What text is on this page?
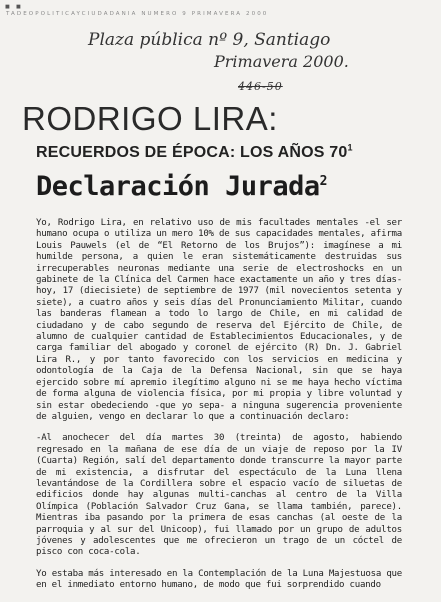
■ ■
TADEOPOLITICAYCIUDADANÍA NÚMERO 9 PRIMAVERA 2000
Plaza pública nº 9, Santiago
Primavera 2000.
446-50
RODRIGO LIRA:
RECUERDOS DE ÉPOCA: LOS AÑOS $70^1$
Declaración Jurada$^2$

Yo, Rodrigo Lira, en relativo uso de mis facultades mentales -el ser humano ocupa o utiliza un mero 10% de sus capacidades mentales, afirma Louis Pauwels (el de “El Retorno de los Brujos”): imagínese a mi humilde persona, a quien le eran sistemáticamente destruidas sus irrecuperables neuronas mediante una serie de electroshocks en un gabinete de la Clínica del Carmen hace exactamente un año y tres días-hoy, 17 (diecisiete) de septiembre de 1977 (mil novecientos setenta y siete), a cuatro años y seis días del Pronunciamiento Militar, cuando las banderas flamean a todo lo largo de Chile, en mi calidad de ciudadano y de cabo segundo de reserva del Ejército de Chile, de alumno de cualquier cantidad de Establecimientos Educacionales, y de carga familiar del abogado y coronel de ejército (R) Dn. J. Gabriel Lira R., y por tanto favorecido con los servicios en medicina y odontología de la Caja de la Defensa Nacional, sin que se haya ejercido sobre mí apremio ilegítimo alguno ni se me haya hecho víctima de forma alguna de violencia física, por mi propia y libre voluntad y sin estar obedeciendo -que yo sepa- a ninguna sugerencia proveniente de alguien, vengo en declarar lo que a continuación declaro:

-Al anochecer del día martes 30 (treinta) de agosto, habiendo regresado en la mañana de ese día de un viaje de reposo por la IV (Cuarta) Región, salí del departamento donde transcurre la mayor parte de mi existencia, a disfrutar del espectáculo de la Luna llena levantándose de la Cordillera sobre el espacio vacío de siluetas de edificios donde hay algunas multi-canchas al centro de la Villa Olímpica (Población Salvador Cruz Gana, se llama también, parece). Mientras iba pasando por la primera de esas canchas (al oeste de la parroquia y al sur del Unicoop), fui llamado por un grupo de adultos jóvenes y adolescentes que me ofrecieron un trago de un cóctel de pisco con coca-cola.

Yo estaba más interesado en la Contemplación de la Luna Majestuosa que en el inmediato entorno humano, de modo que fui sorprendido cuando
